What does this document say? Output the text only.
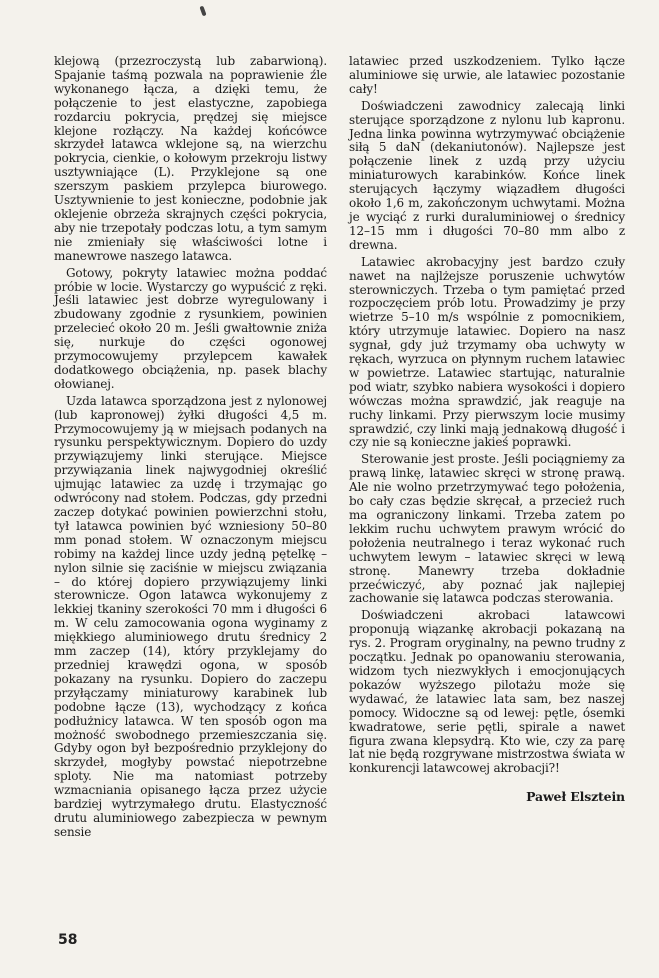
klejową (przezroczystą lub zabarwioną). Spajanie taśmą pozwala na poprawienie źle wykonanego łącza, a dzięki temu, że połączenie to jest elastyczne, zapobiega rozdarciu pokrycia, prędzej się miejsce klejone rozłączy. Na każdej końcówce skrzydeł latawca wklejone są, na wierzchu pokrycia, cienkie, o kołowym przekroju listwy usztywniające (L). Przyklejone są one szerszym paskiem przylepca biurowego. Usztywnienie to jest konieczne, podobnie jak oklejenie obrzeża skrajnych części pokrycia, aby nie trzepotały podczas lotu, a tym samym nie zmieniały się właściwości lotne i manewrowe naszego latawca.

Gotowy, pokryty latawiec można poddać próbie w locie. Wystarczy go wypuścić z ręki. Jeśli latawiec jest dobrze wyregulowany i zbudowany zgodnie z rysunkiem, powinien przelecieć około 20 m. Jeśli gwałtownie zniża się, nurkuje do części ogonowej przymocowujemy przylepcem kawałek dodatkowego obciążenia, np. pasek blachy ołowianej.

Uzda latawca sporządzona jest z nylonowej (lub kapronowej) żyłki długości 4,5 m. Przymocowujemy ją w miejsach podanych na rysunku perspektywicznym. Dopiero do uzdy przywiązujemy linki sterujące. Miejsce przywiązania linek najwygodniej określić ujmując latawiec za uzdę i trzymając go odwrócony nad stołem. Podczas, gdy przedni zaczep dotykać powinien powierzchni stołu, tył latawca powinien być wzniesiony 50–80 mm ponad stołem. W oznaczonym miejscu robimy na każdej lince uzdy jedną pętelkę – nylon silnie się zaciśnie w miejscu związania – do której dopiero przywiązujemy linki sterownicze. Ogon latawca wykonujemy z lekkiej tkaniny szerokości 70 mm i długości 6 m. W celu zamocowania ogona wyginamy z miękkiego aluminiowego drutu średnicy 2 mm zaczep (14), który przyklejamy do przedniej krawędzi ogona, w sposób pokazany na rysunku. Dopiero do zaczepu przyłączamy miniaturowy karabinek lub podobne łącze (13), wychodzący z końca podłużnicy latawca. W ten sposób ogon ma możność swobodnego przemieszczania się. Gdyby ogon był bezpośrednio przyklejony do skrzydeł, mogłyby powstać niepotrzebne sploty. Nie ma natomiast potrzeby wzmacniania opisanego łącza przez użycie bardziej wytrzymałego drutu. Elastyczność drutu aluminiowego zabezpiecza w pewnym sensie

latawiec przed uszkodzeniem. Tylko łącze aluminiowe się urwie, ale latawiec pozostanie cały!

Doświadczeni zawodnicy zalecają linki sterujące sporządzone z nylonu lub kapronu. Jedna linka powinna wytrzymywać obciążenie siłą 5 daN (dekaniutonów). Najlepsze jest połączenie linek z uzdą przy użyciu miniaturowych karabinków. Końce linek sterujących łączymy wiązadłem długości około 1,6 m, zakończonym uchwytami. Można je wyciąć z rurki duraluminiowej o średnicy 12–15 mm i długości 70–80 mm albo z drewna.

Latawiec akrobacyjny jest bardzo czuły nawet na najlżejsze poruszenie uchwytów sterowniczych. Trzeba o tym pamiętać przed rozpoczęciem prób lotu. Prowadzimy je przy wietrze 5–10 m/s wspólnie z pomocnikiem, który utrzymuje latawiec. Dopiero na nasz sygnał, gdy już trzymamy oba uchwyty w rękach, wyrzuca on płynnym ruchem latawiec w powietrze. Latawiec startując, naturalnie pod wiatr, szybko nabiera wysokości i dopiero wówczas można sprawdzić, jak reaguje na ruchy linkami. Przy pierwszym locie musimy sprawdzić, czy linki mają jednakową długość i czy nie są konieczne jakieś poprawki.

Sterowanie jest proste. Jeśli pociągniemy za prawą linkę, latawiec skręci w stronę prawą. Ale nie wolno przetrzymywać tego położenia, bo cały czas będzie skręcał, a przecież ruch ma ograniczony linkami. Trzeba zatem po lekkim ruchu uchwytem prawym wrócić do położenia neutralnego i teraz wykonać ruch uchwytem lewym – latawiec skręci w lewą stronę. Manewry trzeba dokładnie przećwiczyć, aby poznać jak najlepiej zachowanie się latawca podczas sterowania.

Doświadczeni akrobaci latawcowi proponują wiązankę akrobacji pokazaną na rys. 2. Program oryginalny, na pewno trudny z początku. Jednak po opanowaniu sterowania, widzom tych niezwykłych i emocjonujących pokazów wyższego pilotażu może się wydawać, że latawiec lata sam, bez naszej pomocy. Widoczne są od lewej: pętle, ósemki kwadratowe, serie pętli, spirale a nawet figura zwana klepsydrą. Kto wie, czy za parę lat nie będą rozgrywane mistrzostwa świata w konkurencji latawcowej akrobacji?!

Paweł Elsztein

58
